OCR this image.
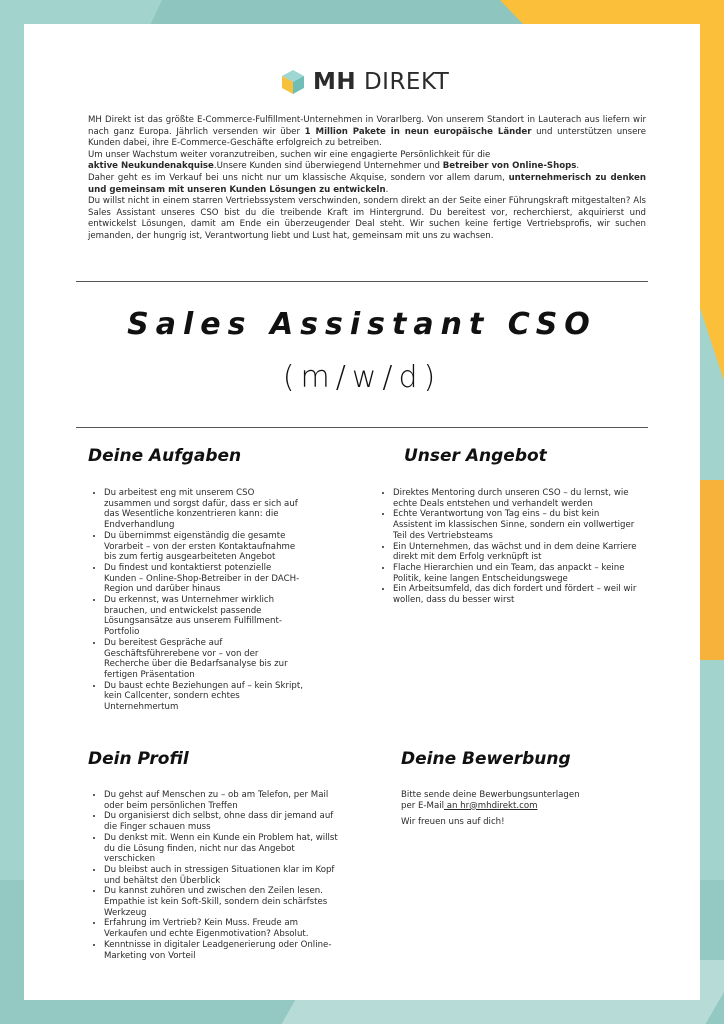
MH DIREKT

MH Direkt ist das größte E-Commerce-Fulfillment-Unternehmen in Vorarlberg. Von unserem Standort in Lauterach aus liefern wir nach ganz Europa. Jährlich versenden wir über 1 Million Pakete in neun europäische Länder und unterstützen unsere Kunden dabei, ihre E-Commerce-Geschäfte erfolgreich zu betreiben.

Um unser Wachstum weiter voranzutreiben, suchen wir eine engagierte Persönlichkeit für die

aktive Neukundenakquise.Unsere Kunden sind überwiegend Unternehmer und Betreiber von Online-Shops.

Daher geht es im Verkauf bei uns nicht nur um klassische Akquise, sondern vor allem darum, unternehmerisch zu denken und gemeinsam mit unseren Kunden Lösungen zu entwickeln.

Du willst nicht in einem starren Vertriebssystem verschwinden, sondern direkt an der Seite einer Führungskraft mitgestalten? Als Sales Assistant unseres CSO bist du die treibende Kraft im Hintergrund. Du bereitest vor, recherchierst, akquirierst und entwickelst Lösungen, damit am Ende ein überzeugender Deal steht. Wir suchen keine fertige Vertriebsprofis, wir suchen jemanden, der hungrig ist, Verantwortung liebt und Lust hat, gemeinsam mit uns zu wachsen.

Sales Assistant CSO
(m/w/d)
Deine Aufgaben
• Du arbeitest eng mit unserem CSO zusammen und sorgst dafür, dass er sich auf das Wesentliche konzentrieren kann: die Endverhandlung
• Du übernimmst eigenständig die gesamte Vorarbeit – von der ersten Kontaktaufnahme bis zum fertig ausgearbeiteten Angebot
• Du findest und kontaktierst potenzielle Kunden – Online-Shop-Betreiber in der DACH-Region und darüber hinaus
• Du erkennst, was Unternehmer wirklich brauchen, und entwickelst passende Lösungsansätze aus unserem Fulfillment-Portfolio
• Du bereitest Gespräche auf Geschäftsführerebene vor – von der Recherche über die Bedarfsanalyse bis zur fertigen Präsentation
• Du baust echte Beziehungen auf – kein Skript, kein Callcenter, sondern echtes Unternehmertum
Unser Angebot
• Direktes Mentoring durch unseren CSO – du lernst, wie echte Deals entstehen und verhandelt werden
• Echte Verantwortung von Tag eins – du bist kein Assistent im klassischen Sinne, sondern ein vollwertiger Teil des Vertriebsteams
• Ein Unternehmen, das wächst und in dem deine Karriere direkt mit dem Erfolg verknüpft ist
• Flache Hierarchien und ein Team, das anpackt – keine Politik, keine langen Entscheidungswege
• Ein Arbeitsumfeld, das dich fordert und fördert – weil wir wollen, dass du besser wirst
Dein Profil
• Du gehst auf Menschen zu – ob am Telefon, per Mail oder beim persönlichen Treffen
• Du organisierst dich selbst, ohne dass dir jemand auf die Finger schauen muss
• Du denkst mit. Wenn ein Kunde ein Problem hat, willst du die Lösung finden, nicht nur das Angebot verschicken
• Du bleibst auch in stressigen Situationen klar im Kopf und behältst den Überblick
• Du kannst zuhören und zwischen den Zeilen lesen. Empathie ist kein Soft-Skill, sondern dein schärfstes Werkzeug
• Erfahrung im Vertrieb? Kein Muss. Freude am Verkaufen und echte Eigenmotivation? Absolut.
• Kenntnisse in digitaler Leadgenerierung oder Online-Marketing von Vorteil
Deine Bewerbung

Bitte sende deine Bewerbungsunterlagen

per E-Mail an hr@mhdirekt.com

Wir freuen uns auf dich!
